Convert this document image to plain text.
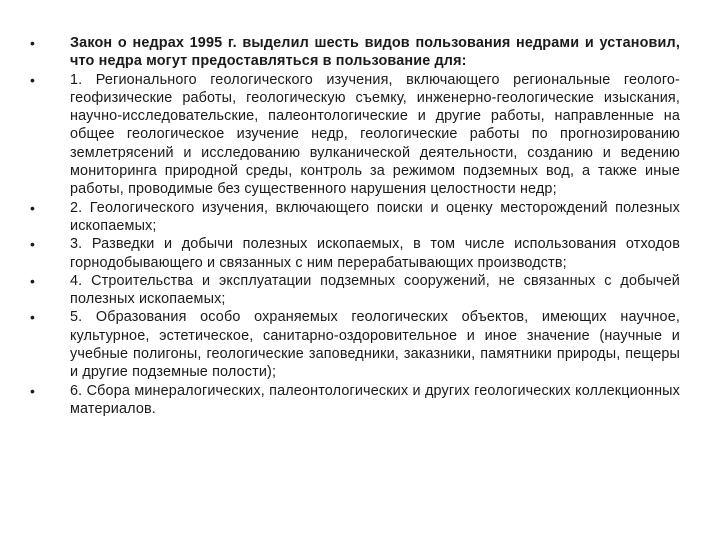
•	Закон о недрах 1995 г. выделил шесть видов пользования недрами и установил, что недра могут предоставляться в пользование для:
•	1. Регионального геологического изучения, включающего региональные геолого-геофизические работы, геологическую съемку, инженерно-геологические изыскания, научно-исследовательские, палеонтологические и другие работы, направленные на общее геологическое изучение недр, геологические работы по прогнозированию землетрясений и исследованию вулканической деятельности, созданию и ведению мониторинга природной среды, контроль за режимом подземных вод, а также иные работы, проводимые без существенного нарушения целостности недр;
•	2. Геологического изучения, включающего поиски и оценку месторождений полезных ископаемых;
•	3. Разведки и добычи полезных ископаемых, в том числе использования отходов горнодобывающего и связанных с ним перерабатывающих производств;
•	4. Строительства и эксплуатации подземных сооружений, не связанных с добычей полезных ископаемых;
•	5. Образования особо охраняемых геологических объектов, имеющих научное, культурное, эстетическое, санитарно-оздоровительное и иное значение (научные и учебные полигоны, геологические заповедники, заказники, памятники природы, пещеры и другие подземные полости);
•	6. Сбора минералогических, палеонтологических и других геологических коллекционных материалов.
